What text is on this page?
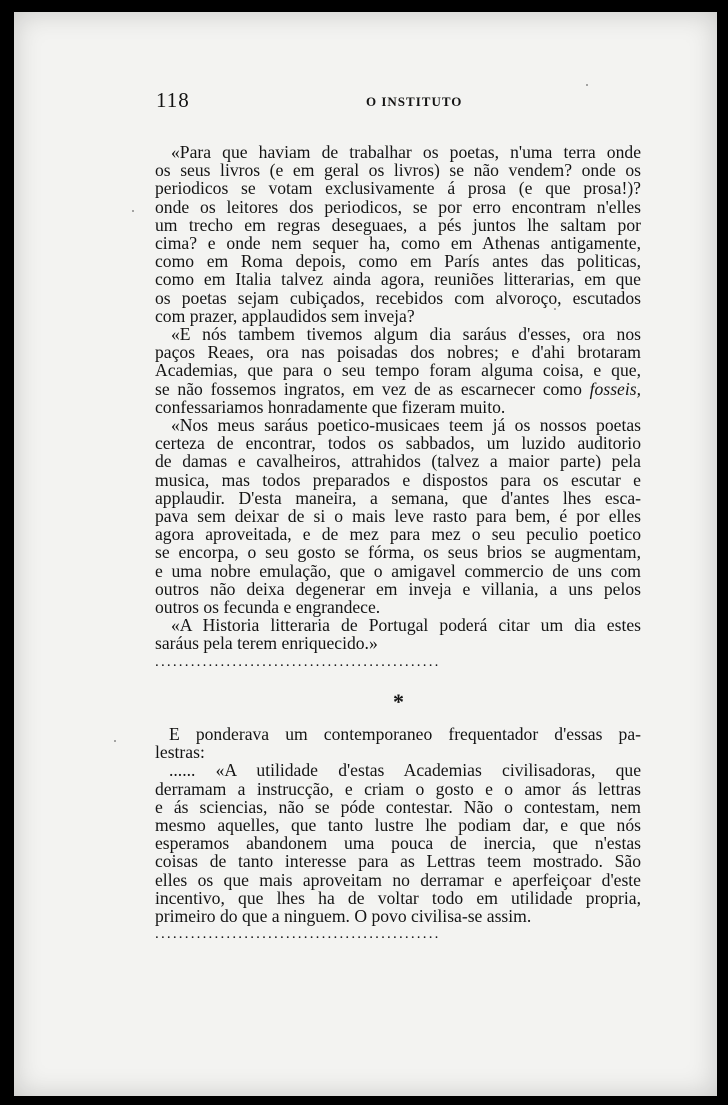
118	O INSTITUTO
«Para que haviam de trabalhar os poetas, n'uma terra onde
os seus livros (e em geral os livros) se não vendem? onde os
periodicos se votam exclusivamente á prosa (e que prosa!)?
onde os leitores dos periodicos, se por erro encontram n'elles
um trecho em regras deseguaes, a pés juntos lhe saltam por
cima? e onde nem sequer ha, como em Athenas antigamente,
como em Roma depois, como em París antes das politicas,
como em Italia talvez ainda agora, reuniões litterarias, em que
os poetas sejam cubiçados, recebidos com alvoroço, escutados
com prazer, applaudidos sem inveja?
«E nós tambem tivemos algum dia saráus d'esses, ora nos
paços Reaes, ora nas poisadas dos nobres; e d'ahi brotaram
Academias, que para o seu tempo foram alguma coisa, e que,
se não fossemos ingratos, em vez de as escarnecer como fosseis,
confessariamos honradamente que fizeram muito.
«Nos meus saráus poetico-musicaes teem já os nossos poetas
certeza de encontrar, todos os sabbados, um luzido auditorio
de damas e cavalheiros, attrahidos (talvez a maior parte) pela
musica, mas todos preparados e dispostos para os escutar e
applaudir. D'esta maneira, a semana, que d'antes lhes esca-
pava sem deixar de si o mais leve rasto para bem, é por elles
agora aproveitada, e de mez para mez o seu peculio poetico
se encorpa, o seu gosto se fórma, os seus brios se augmentam,
e uma nobre emulação, que o amigavel commercio de uns com
outros não deixa degenerar em inveja e villania, a uns pelos
outros os fecunda e engrandece.
«A Historia litteraria de Portugal poderá citar um dia estes
saráus pela terem enriquecido.»
................................................
*
E ponderava um contemporaneo frequentador d'essas pa-
lestras:
...... «A utilidade d'estas Academias civilisadoras, que
derramam a instrucção, e criam o gosto e o amor ás lettras
e ás sciencias, não se póde contestar. Não o contestam, nem
mesmo aquelles, que tanto lustre lhe podiam dar, e que nós
esperamos abandonem uma pouca de inercia, que n'estas
coisas de tanto interesse para as Lettras teem mostrado. São
elles os que mais aproveitam no derramar e aperfeiçoar d'este
incentivo, que lhes ha de voltar todo em utilidade propria,
primeiro do que a ninguem. O povo civilisa-se assim.
................................................
